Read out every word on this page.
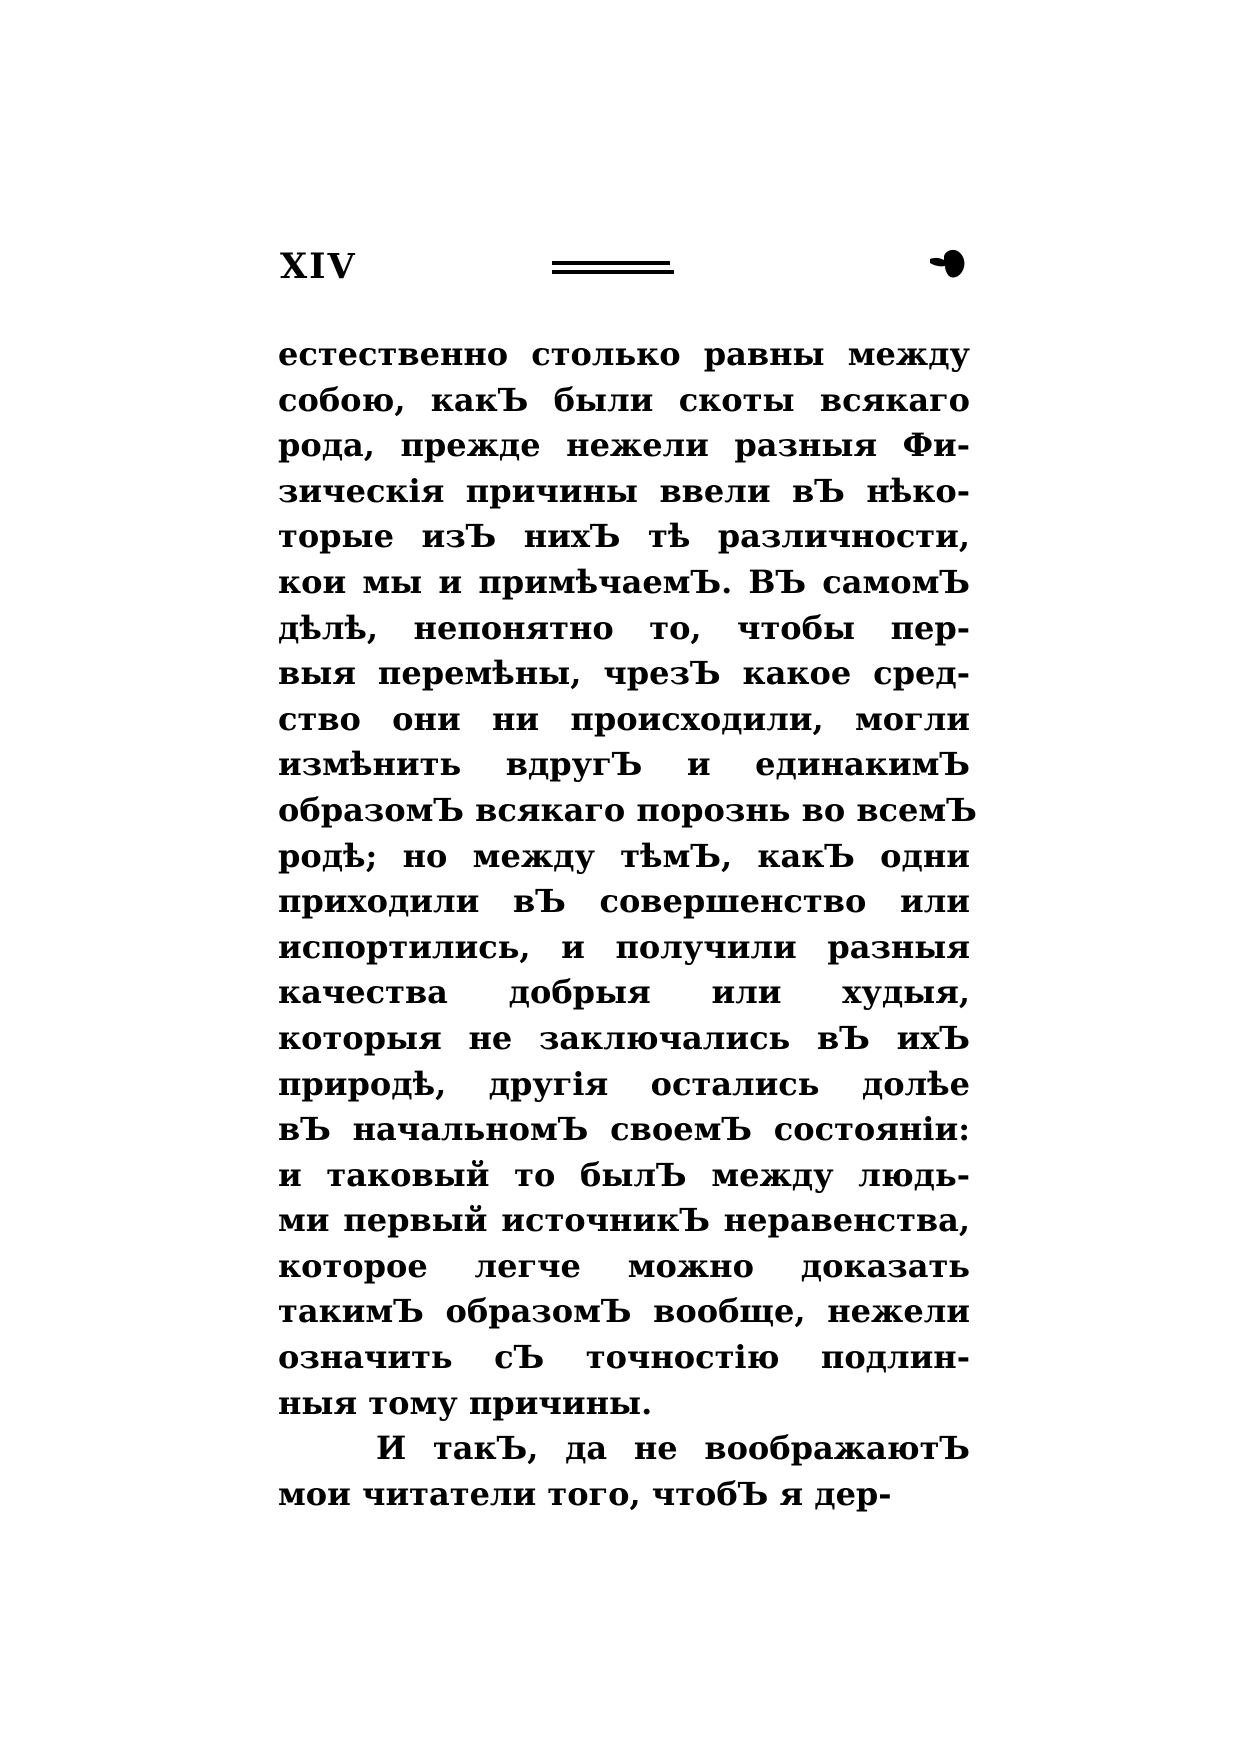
XIV
естественно столько равны между
собою, какЪ были скоты всякаго
рода, прежде нежели разныя Фи-
зическія причины ввели вЪ нѣко-
торые изЪ нихЪ тѣ различности,
кои мы и примѣчаемЪ. ВЪ самомЪ
дѣлѣ, непонятно то, чтобы пер-
выя перемѣны, чрезЪ какое сред-
ство они ни происходили, могли
измѣнить вдругЪ и единакимЪ
образомЪ всякаго порознь во всемЪ
родѣ; но между тѣмЪ, какЪ одни
приходили вЪ совершенство или
испортились, и получили разныя
качества добрыя или худыя,
которыя не заключались вЪ ихЪ
природѣ, другія остались долѣе
вЪ начальномЪ своемЪ состояніи:
и таковый то былЪ между людь-
ми первый источникЪ неравенства,
которое легче можно доказать
такимЪ образомЪ вообще, нежели
означить сЪ точностію подлин-
ныя тому причины.
И такЪ, да не воображаютЪ
мои читатели того, чтобЪ я дер-
